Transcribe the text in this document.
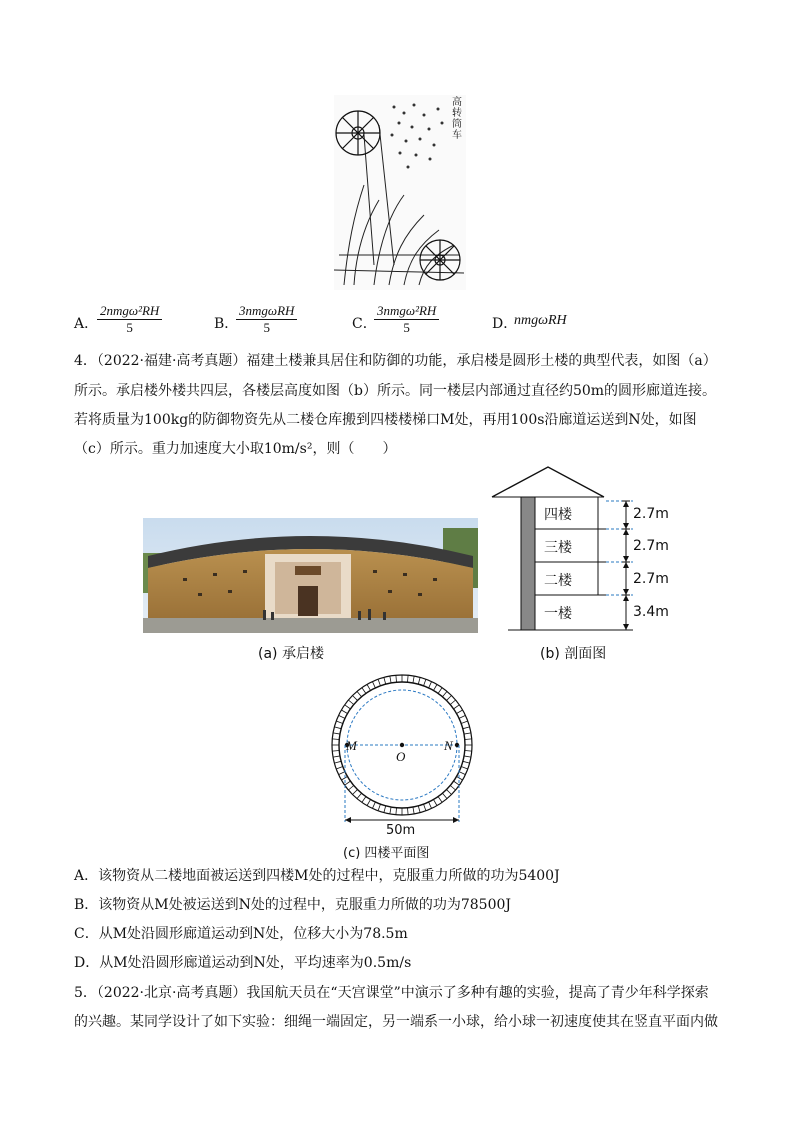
高转筒车
A．
2nmgω²RH
5	B．
3nmgωRH
5	C．
3nmgω²RH
5	D．
nmgωRH
4．（2022·福建·高考真题）福建土楼兼具居住和防御的功能，承启楼是圆形土楼的典型代表，如图（a）
所示。承启楼外楼共四层，各楼层高度如图（b）所示。同一楼层内部通过直径约50m的圆形廊道连接。
若将质量为100kg的防御物资先从二楼仓库搬到四楼楼梯口M处，再用100s沿廊道运送到N处，如图
（c）所示。重力加速度大小取10m/s²，则（　　）
(a) 承启楼
四楼
三楼
二楼
一楼
2.7m
2.7m
2.7m
3.4m
(b) 剖面图
M
O
N
50m
(c) 四楼平面图
A．该物资从二楼地面被运送到四楼M处的过程中，克服重力所做的功为5400J
B．该物资从M处被运送到N处的过程中，克服重力所做的功为78500J
C．从M处沿圆形廊道运动到N处，位移大小为78.5m
D．从M处沿圆形廊道运动到N处，平均速率为0.5m/s
5．（2022·北京·高考真题）我国航天员在“天宫课堂”中演示了多种有趣的实验，提高了青少年科学探索
的兴趣。某同学设计了如下实验：细绳一端固定，另一端系一小球，给小球一初速度使其在竖直平面内做
